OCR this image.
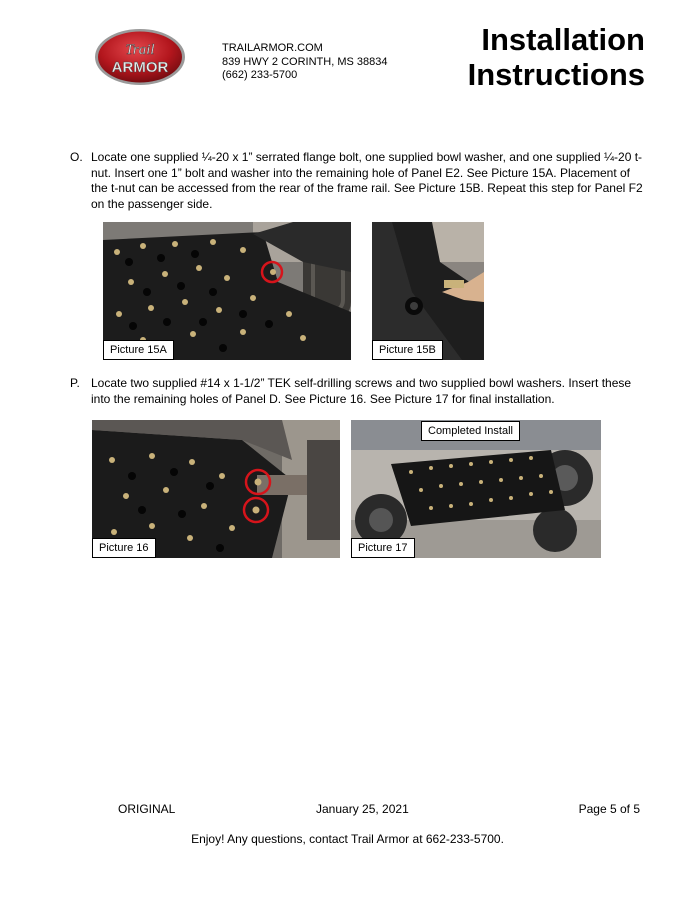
Trail
ARMOR
TRAILARMOR.COM
839 HWY 2 CORINTH, MS 38834
(662) 233-5700
Installation
Instructions
O. Locate one supplied ¼-20 x 1” serrated flange bolt, one supplied bowl washer, and one supplied ¼-20 t-nut. Insert one 1” bolt and washer into the remaining hole of Panel E2. See Picture 15A. Placement of the t-nut can be accessed from the rear of the frame rail. See Picture 15B. Repeat this step for Panel F2 on the passenger side.
Picture 15A	Picture 15B
P. Locate two supplied #14 x 1-1/2” TEK self-drilling screws and two supplied bowl washers. Insert these into the remaining holes of Panel D. See Picture 16. See Picture 17 for final installation.
Picture 16	Picture 17
Completed Install
ORIGINAL	January 25, 2021	Page 5 of 5
Enjoy! Any questions, contact Trail Armor at 662-233-5700.
